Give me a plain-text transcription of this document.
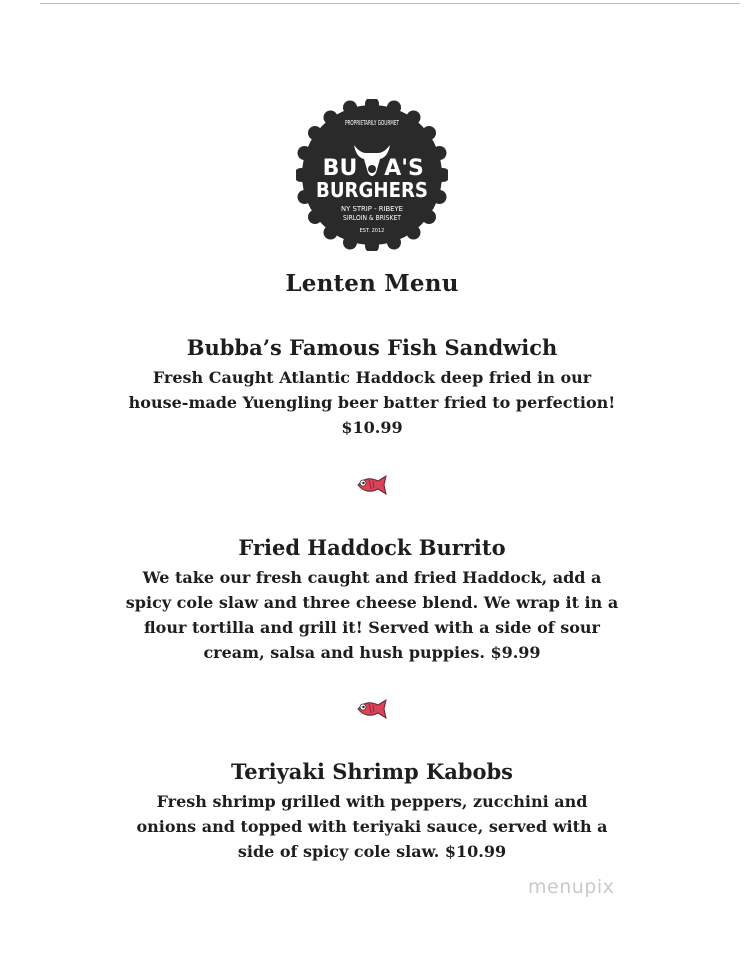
PROPRIETARILY GOURMET
BU A'S
BURGHERS
NY STRIP - RIBEYE
SIRLOIN & BRISKET
EST. 2012
Lenten Menu
Bubba’s Famous Fish Sandwich
Fresh Caught Atlantic Haddock deep fried in our
house-made Yuengling beer batter fried to perfection!
$10.99
Fried Haddock Burrito
We take our fresh caught and fried Haddock, add a
spicy cole slaw and three cheese blend. We wrap it in a
flour tortilla and grill it! Served with a side of sour
cream, salsa and hush puppies. $9.99
Teriyaki Shrimp Kabobs
Fresh shrimp grilled with peppers, zucchini and
onions and topped with teriyaki sauce, served with a
side of spicy cole slaw. $10.99
menupix
